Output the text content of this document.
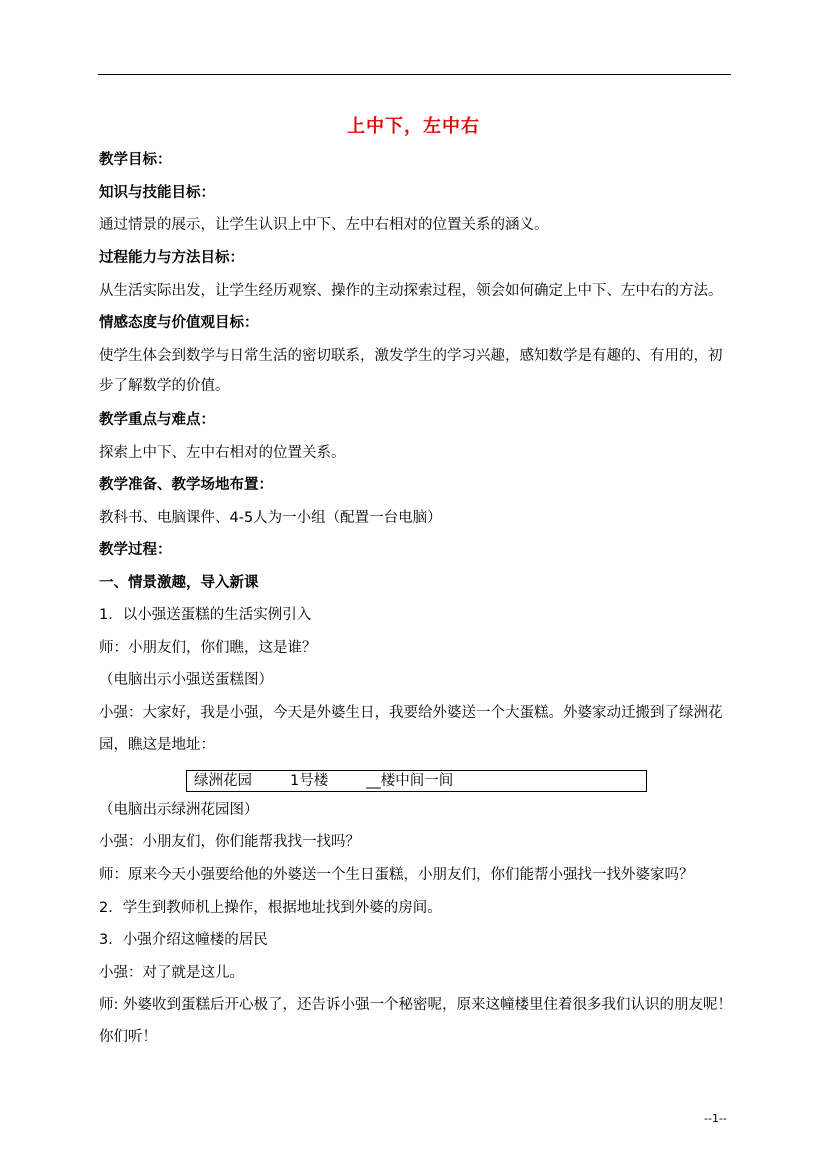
上中下，左中右
教学目标：
知识与技能目标：
通过情景的展示，让学生认识上中下、左中右相对的位置关系的涵义。
过程能力与方法目标：
从生活实际出发，让学生经历观察、操作的主动探索过程，领会如何确定上中下、左中右的方法。
情感态度与价值观目标：
使学生体会到数学与日常生活的密切联系，激发学生的学习兴趣，感知数学是有趣的、有用的，初
步了解数学的价值。
教学重点与难点：
探索上中下、左中右相对的位置关系。
教学准备、教学场地布置：
教科书、电脑课件、4-5人为一小组（配置一台电脑）
教学过程：
一、情景激趣，导入新课
1．以小强送蛋糕的生活实例引入
师：小朋友们，你们瞧，这是谁？
（电脑出示小强送蛋糕图）
小强：大家好，我是小强，今天是外婆生日，我要给外婆送一个大蛋糕。外婆家动迁搬到了绿洲花
园，瞧这是地址：
绿洲花园	1号楼	__楼中间一间
（电脑出示绿洲花园图）
小强：小朋友们，你们能帮我找一找吗？
师：原来今天小强要给他的外婆送一个生日蛋糕，小朋友们，你们能帮小强找一找外婆家吗？
2．学生到教师机上操作，根据地址找到外婆的房间。
3．小强介绍这幢楼的居民
小强：对了就是这儿。
师: 外婆收到蛋糕后开心极了，还告诉小强一个秘密呢，原来这幢楼里住着很多我们认识的朋友呢！
你们听！
--1--
